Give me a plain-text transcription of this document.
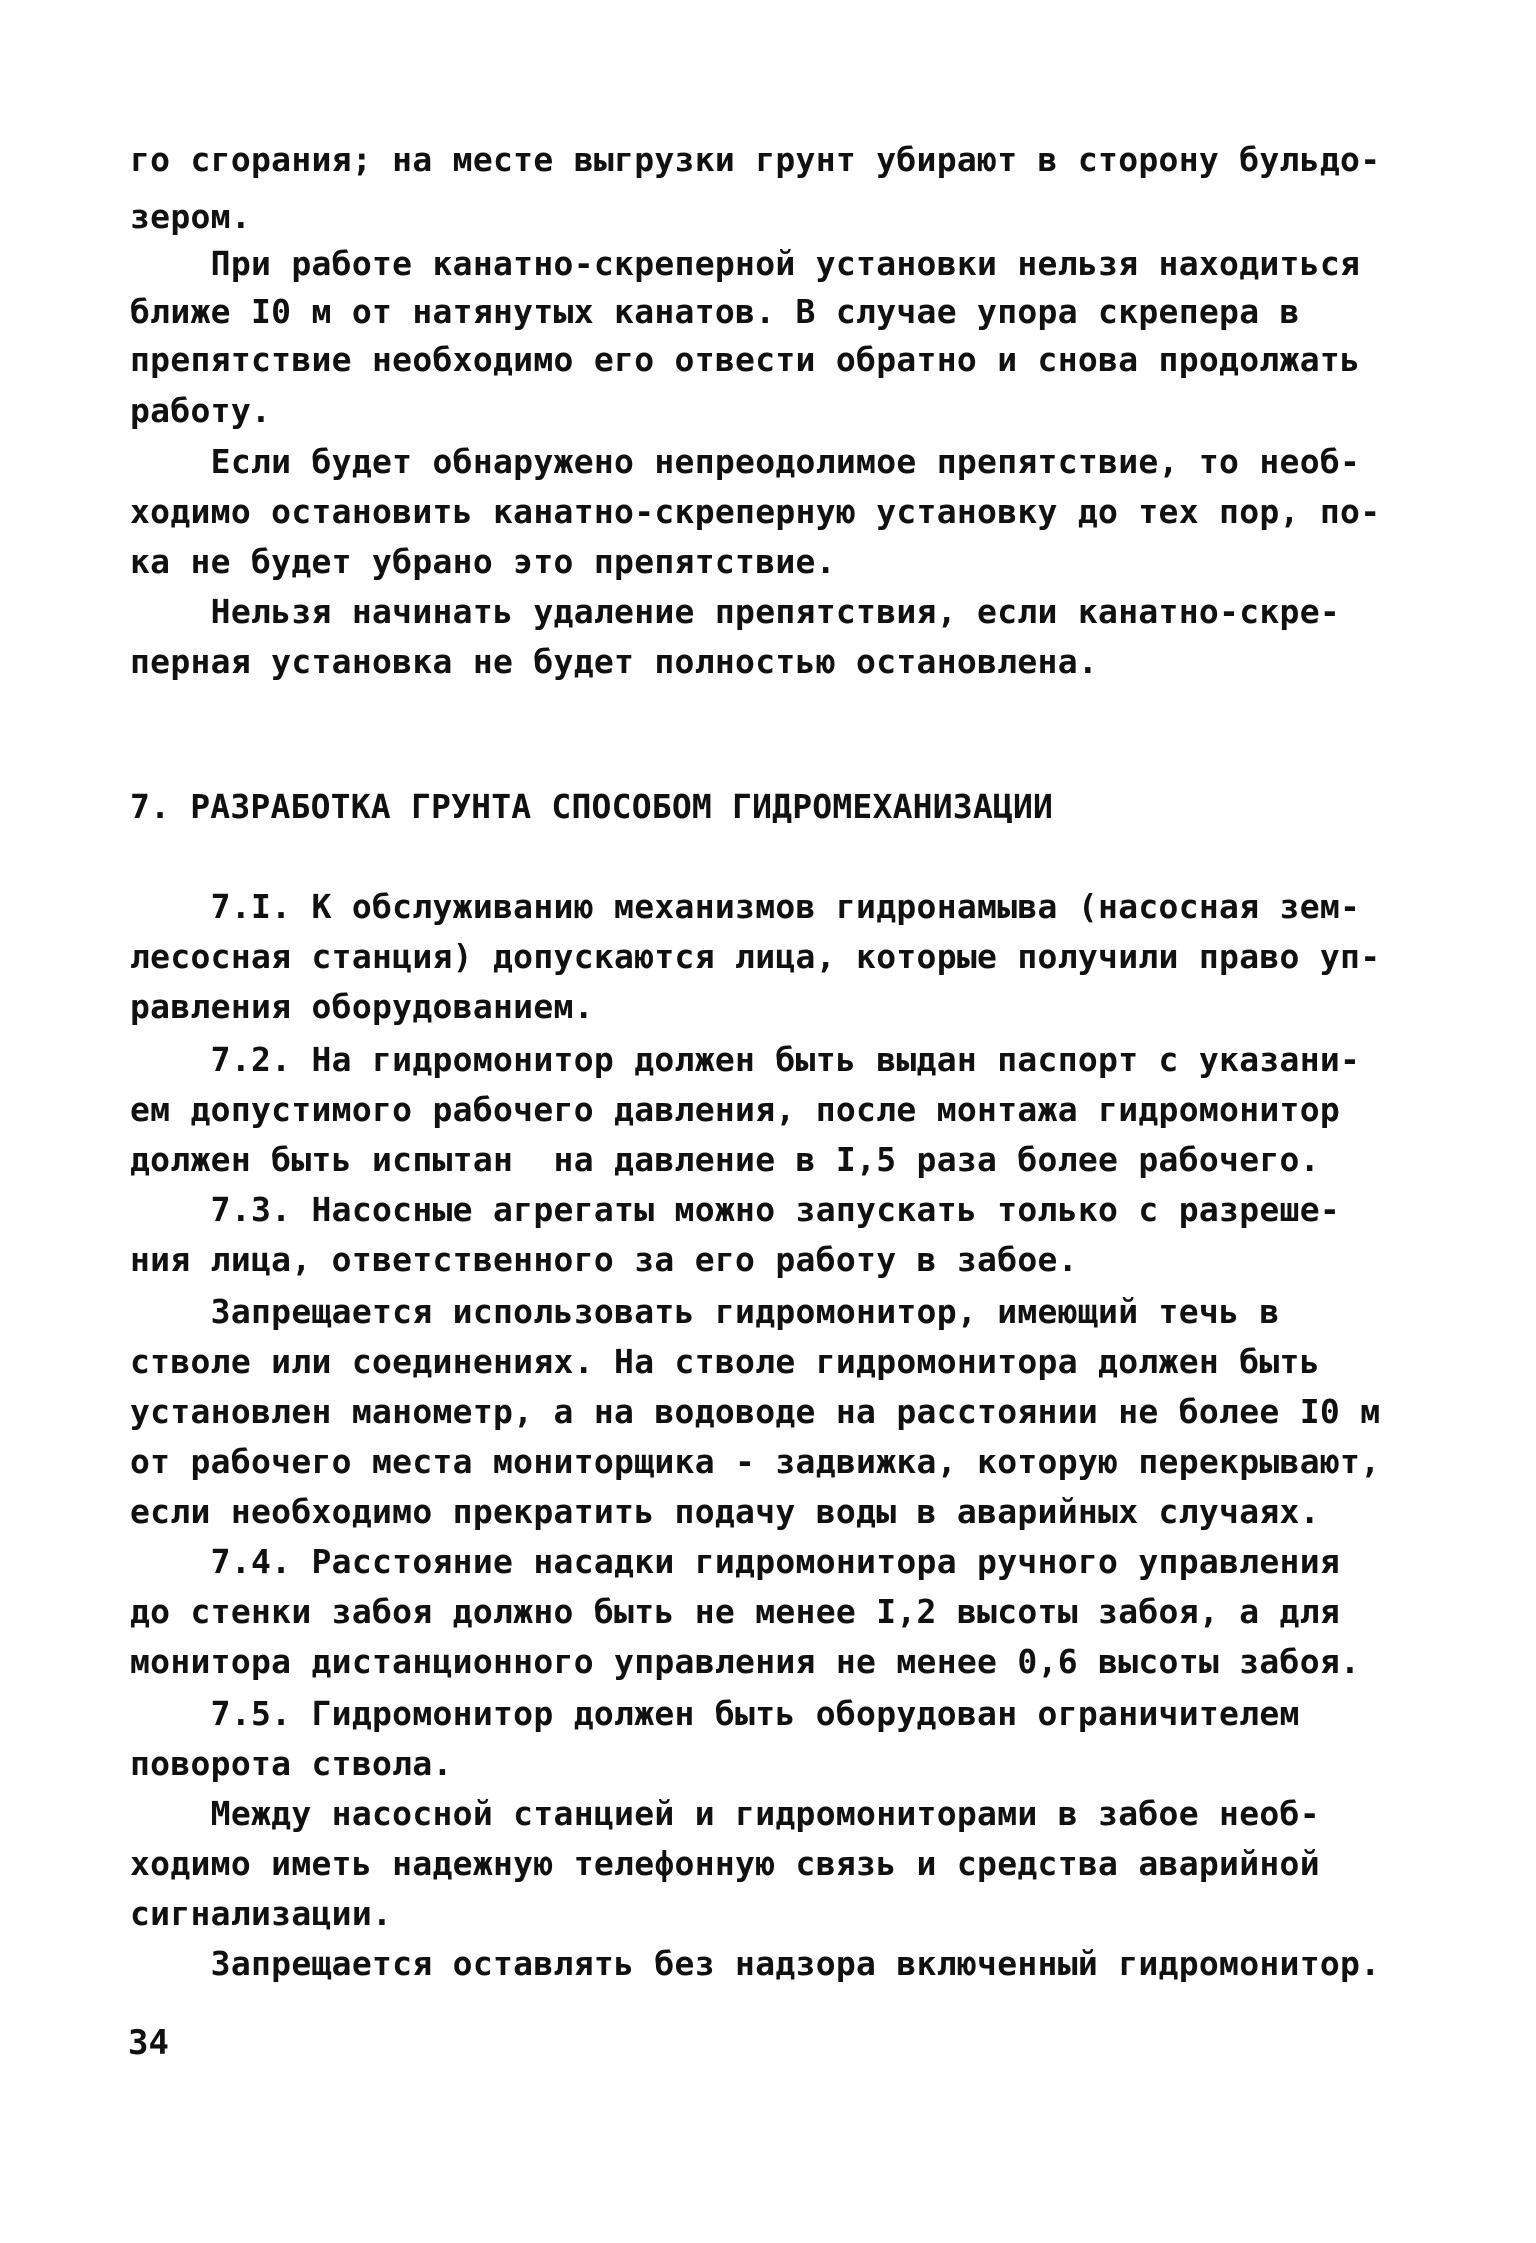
го сгорания; на месте выгрузки грунт убирают в сторону бульдо-
зером.
При работе канатно-скреперной установки нельзя находиться
ближе I0 м от натянутых канатов. В случае упора скрепера в
препятствие необходимо его отвести обратно и снова продолжать
работу.
Если будет обнаружено непреодолимое препятствие, то необ-
ходимо остановить канатно-скреперную установку до тех пор, по-
ка не будет убрано это препятствие.
Нельзя начинать удаление препятствия, если канатно-скре-
перная установка не будет полностью остановлена.
7. РАЗРАБОТКА ГРУНТА СПОСОБОМ ГИДРОМЕХАНИЗАЦИИ
7.I. К обслуживанию механизмов гидронамыва (насосная зем-
лесосная станция) допускаются лица, которые получили право уп-
равления оборудованием.
7.2. На гидромонитор должен быть выдан паспорт с указани-
ем допустимого рабочего давления, после монтажа гидромонитор
должен быть испытан  на давление в I,5 раза более рабочего.
7.3. Насосные агрегаты можно запускать только с разреше-
ния лица, ответственного за его работу в забое.
Запрещается использовать гидромонитор, имеющий течь в
стволе или соединениях. На стволе гидромонитора должен быть
установлен манометр, а на водоводе на расстоянии не более I0 м
от рабочего места мониторщика - задвижка, которую перекрывают,
если необходимо прекратить подачу воды в аварийных случаях.
7.4. Расстояние насадки гидромонитора ручного управления
до стенки забоя должно быть не менее I,2 высоты забоя, а для
монитора дистанционного управления не менее 0,6 высоты забоя.
7.5. Гидромонитор должен быть оборудован ограничителем
поворота ствола.
Между насосной станцией и гидромониторами в забое необ-
ходимо иметь надежную телефонную связь и средства аварийной
сигнализации.
Запрещается оставлять без надзора включенный гидромонитор.
34
